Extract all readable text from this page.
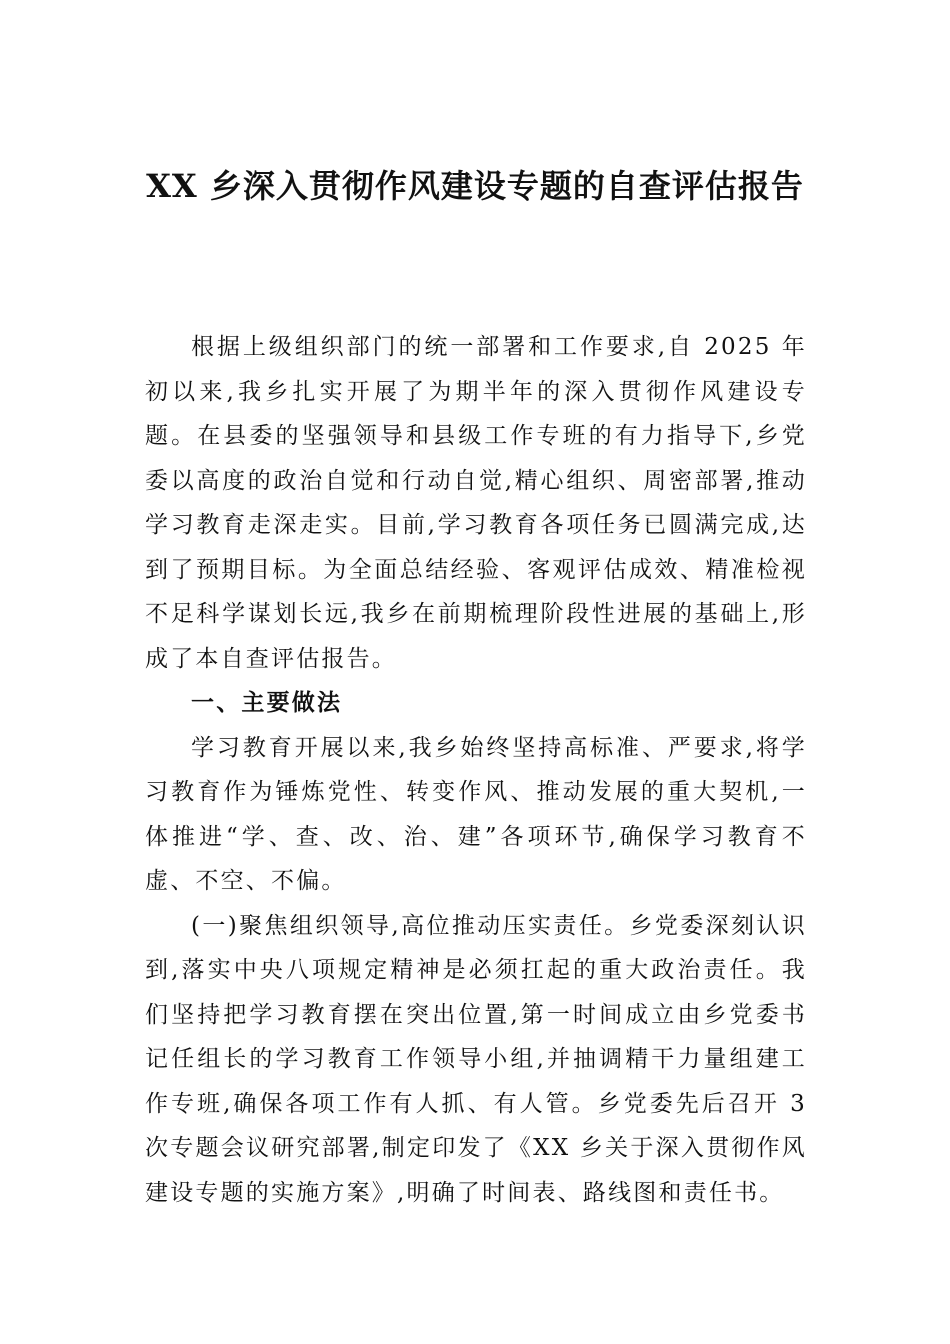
XX 乡深入贯彻作风建设专题的自查评估报告

根据上级组织部门的统一部署和工作要求,自 2025 年初以来,我乡扎实开展了为期半年的深入贯彻作风建设专题。在县委的坚强领导和县级工作专班的有力指导下,乡党委以高度的政治自觉和行动自觉,精心组织、周密部署,推动学习教育走深走实。目前,学习教育各项任务已圆满完成,达到了预期目标。为全面总结经验、客观评估成效、精准检视不足科学谋划长远,我乡在前期梳理阶段性进展的基础上,形成了本自查评估报告。

一、主要做法

学习教育开展以来,我乡始终坚持高标准、严要求,将学习教育作为锤炼党性、转变作风、推动发展的重大契机,一体推进“学、查、改、治、建”各项环节,确保学习教育不虚、不空、不偏。

(一)聚焦组织领导,高位推动压实责任。乡党委深刻认识到,落实中央八项规定精神是必须扛起的重大政治责任。我们坚持把学习教育摆在突出位置,第一时间成立由乡党委书记任组长的学习教育工作领导小组,并抽调精干力量组建工作专班,确保各项工作有人抓、有人管。乡党委先后召开 3 次专题会议研究部署,制定印发了《XX 乡关于深入贯彻作风建设专题的实施方案》,明确了时间表、路线图和责任书。
